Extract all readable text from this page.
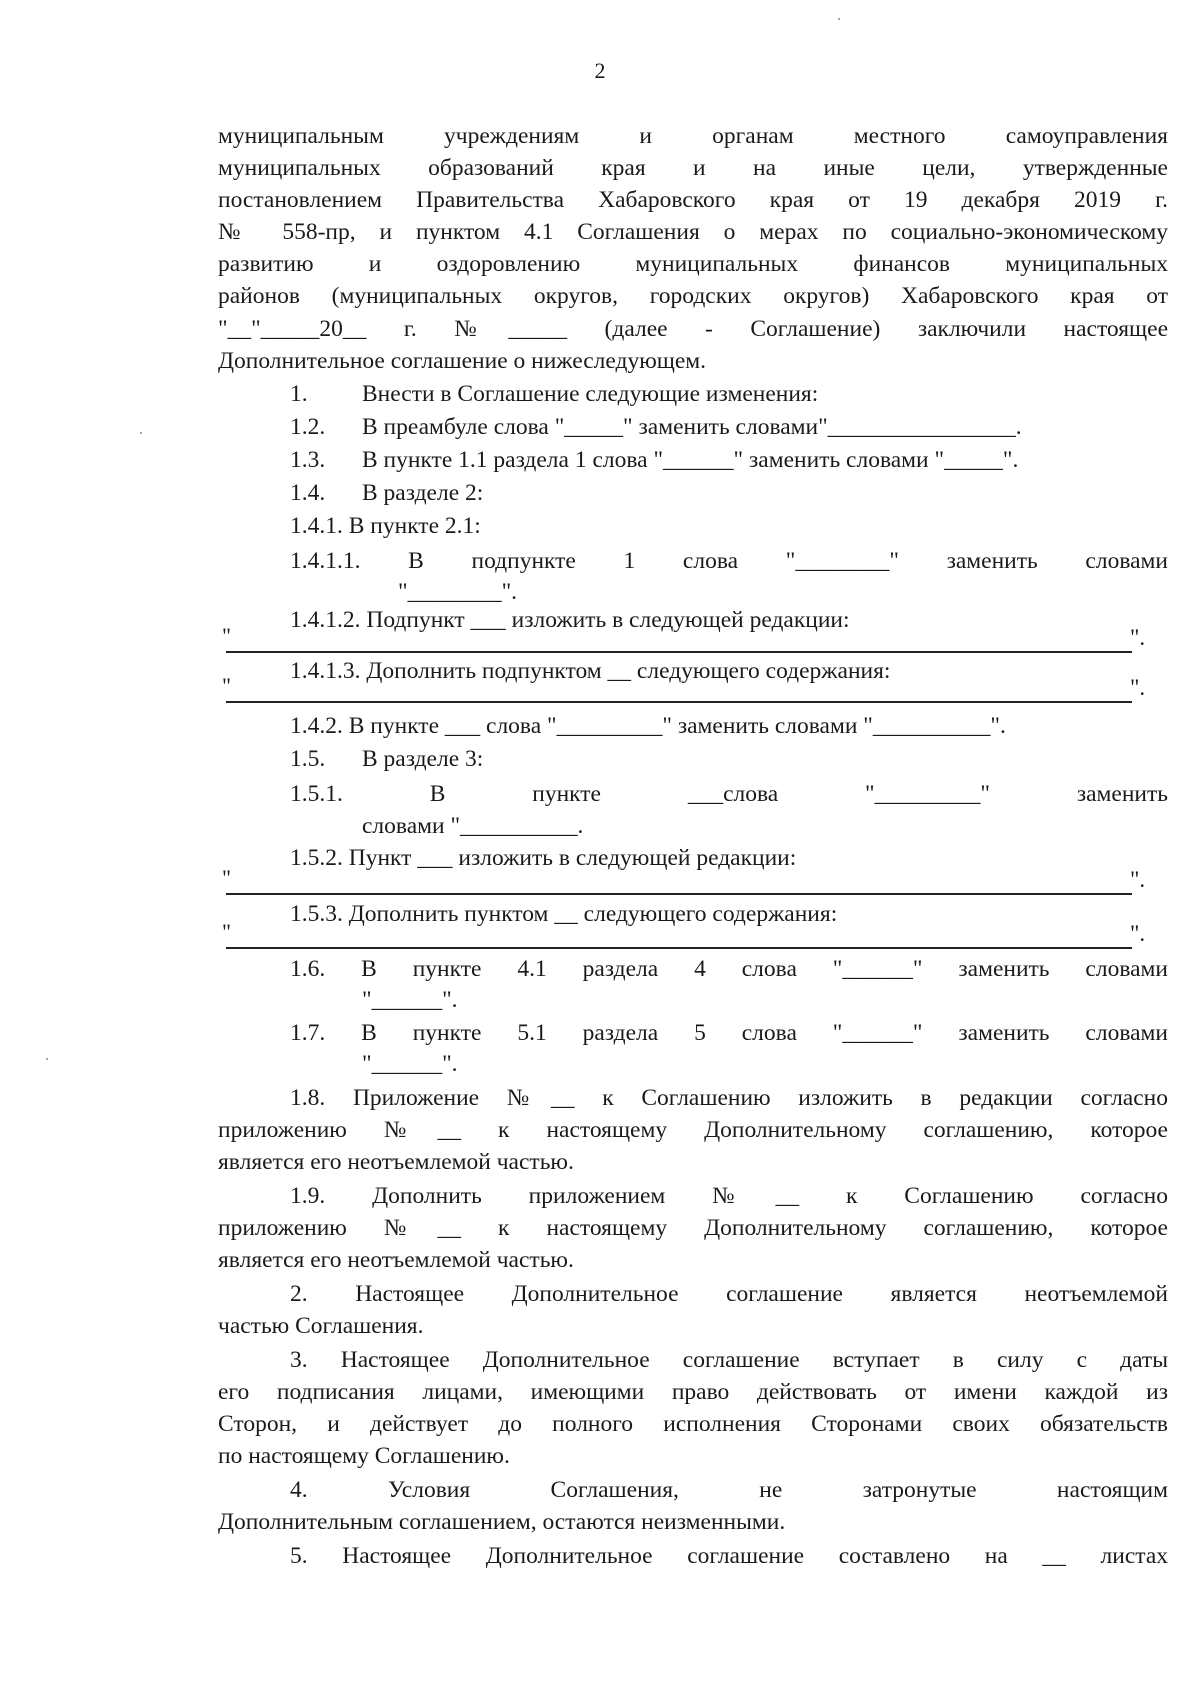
2
муниципальным учреждениям и органам местного самоуправления
муниципальных образований края и на иные цели, утвержденные
постановлением Правительства Хабаровского края от 19 декабря 2019 г.
№ 558-пр, и пунктом 4.1 Соглашения о мерах по социально-экономическому
развитию и оздоровлению муниципальных финансов муниципальных
районов (муниципальных округов, городских округов) Хабаровского края от
"__"_____20__ г. №_____ (далее - Соглашение) заключили настоящее
Дополнительное соглашение о нижеследующем.
1. Внести в Соглашение следующие изменения:
1.2. В преамбуле слова "_____" заменить словами"________________.
1.3. В пункте 1.1 раздела 1 слова "______" заменить словами "_____".
1.4. В разделе 2:
1.4.1. В пункте 2.1:
1.4.1.1. В подпункте 1 слова "________" заменить словами
"________".
1.4.1.2. Подпункт ___ изложить в следующей редакции:
"	".
1.4.1.3. Дополнить подпунктом __ следующего содержания:
"	".
1.4.2. В пункте ___ слова "_________" заменить словами "__________".
1.5. В разделе 3:
1.5.1. В пункте ___слова "_________" заменить
словами "__________.
1.5.2. Пункт ___ изложить в следующей редакции:
"	".
1.5.3. Дополнить пунктом __ следующего содержания:
"	".
1.6. В пункте 4.1 раздела 4 слова "______" заменить словами
"______".
1.7. В пункте 5.1 раздела 5 слова "______" заменить словами
"______".
1.8. Приложение №__ к Соглашению изложить в редакции согласно
приложению №__ к настоящему Дополнительному соглашению, которое
является его неотъемлемой частью.
1.9. Дополнить приложением №__ к Соглашению согласно
приложению №__ к настоящему Дополнительному соглашению, которое
является его неотъемлемой частью.
2. Настоящее Дополнительное соглашение является неотъемлемой
частью Соглашения.
3. Настоящее Дополнительное соглашение вступает в силу с даты
его подписания лицами, имеющими право действовать от имени каждой из
Сторон, и действует до полного исполнения Сторонами своих обязательств
по настоящему Соглашению.
4. Условия Соглашения, не затронутые настоящим
Дополнительным соглашением, остаются неизменными.
5. Настоящее Дополнительное соглашение составлено на __ листах
